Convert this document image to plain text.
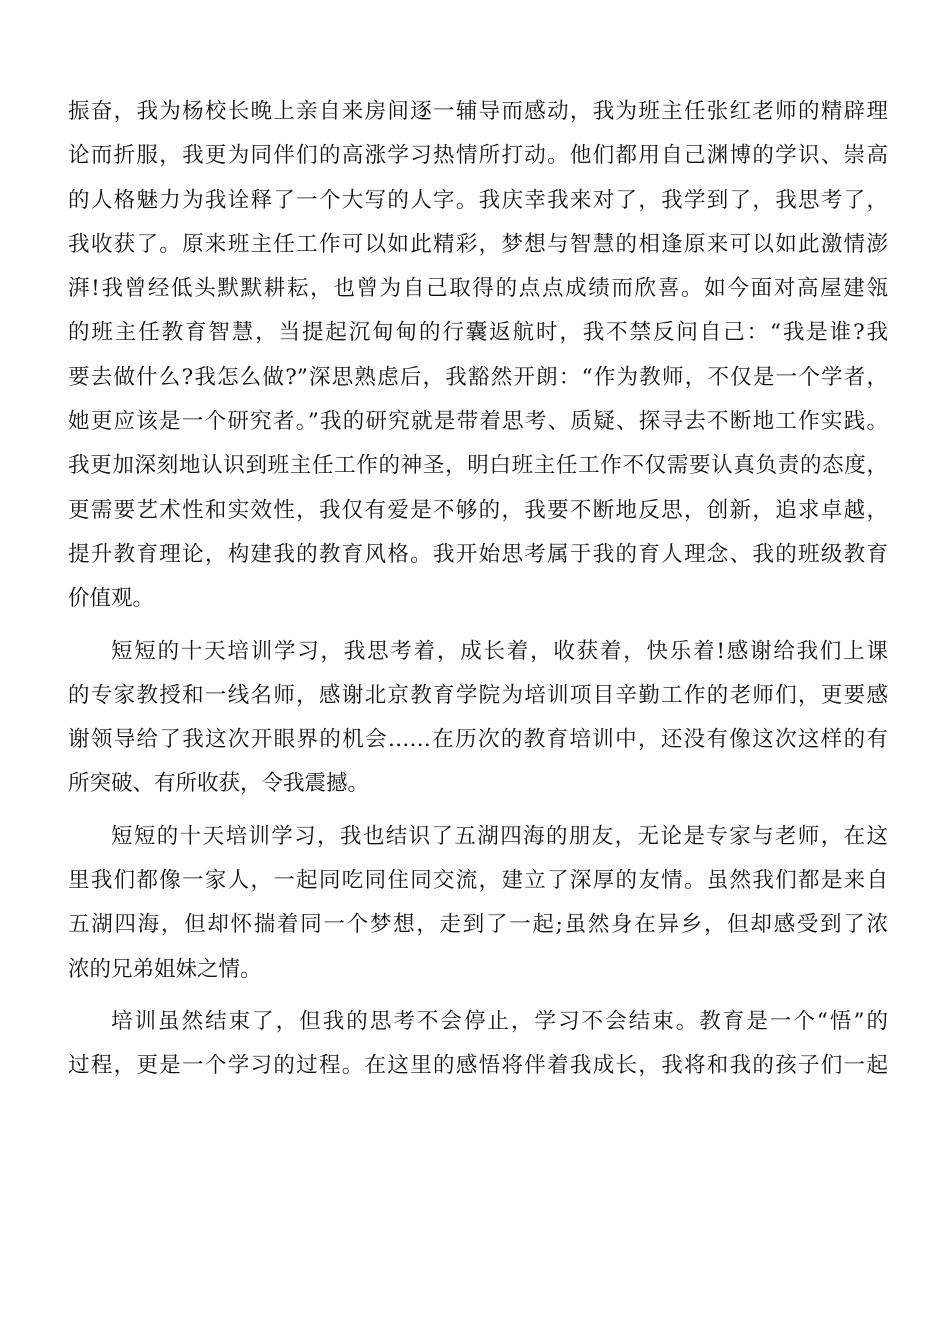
振奋，我为杨校长晚上亲自来房间逐一辅导而感动，我为班主任张红老师的精辟理
论而折服，我更为同伴们的高涨学习热情所打动。他们都用自己渊博的学识、崇高
的人格魅力为我诠释了一个大写的人字。我庆幸我来对了，我学到了，我思考了，
我收获了。原来班主任工作可以如此精彩，梦想与智慧的相逢原来可以如此激情澎
湃!我曾经低头默默耕耘，也曾为自己取得的点点成绩而欣喜。如今面对高屋建瓴
的班主任教育智慧，当提起沉甸甸的行囊返航时，我不禁反问自己：“我是谁?我
要去做什么?我怎么做?”深思熟虑后，我豁然开朗：“作为教师，不仅是一个学者，
她更应该是一个研究者。”我的研究就是带着思考、质疑、探寻去不断地工作实践。
我更加深刻地认识到班主任工作的神圣，明白班主任工作不仅需要认真负责的态度，
更需要艺术性和实效性，我仅有爱是不够的，我要不断地反思，创新，追求卓越，
提升教育理论，构建我的教育风格。我开始思考属于我的育人理念、我的班级教育
价值观。
短短的十天培训学习，我思考着，成长着，收获着，快乐着!感谢给我们上课
的专家教授和一线名师，感谢北京教育学院为培训项目辛勤工作的老师们，更要感
谢领导给了我这次开眼界的机会……在历次的教育培训中，还没有像这次这样的有
所突破、有所收获，令我震撼。
短短的十天培训学习，我也结识了五湖四海的朋友，无论是专家与老师，在这
里我们都像一家人，一起同吃同住同交流，建立了深厚的友情。虽然我们都是来自
五湖四海，但却怀揣着同一个梦想，走到了一起;虽然身在异乡，但却感受到了浓
浓的兄弟姐妹之情。
培训虽然结束了，但我的思考不会停止，学习不会结束。教育是一个“悟”的
过程，更是一个学习的过程。在这里的感悟将伴着我成长，我将和我的孩子们一起
